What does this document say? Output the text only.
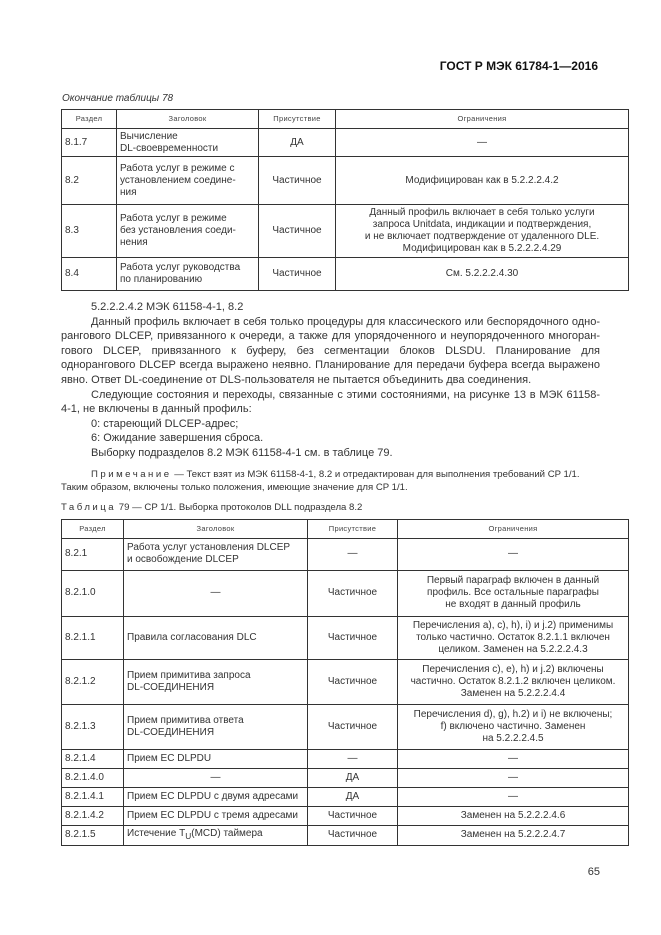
ГОСТ Р МЭК 61784-1—2016
Окончание таблицы 78
Раздел	Заголовок	Присутствие	Ограничения
8.1.7	Вычисление
DL-своевременности	ДА	—
8.2	Работа услуг в режиме с
установлением соедине-
ния	Частичное	Модифицирован как в 5.2.2.2.4.2
8.3	Работа услуг в режиме
без установления соеди-
нения	Частичное	Данный профиль включает в себя только услуги
запроса Unitdata, индикации и подтверждения,
и не включает подтверждение от удаленного DLE.
Модифицирован как в 5.2.2.2.4.29
8.4	Работа услуг руководства
по планированию	Частичное	См. 5.2.2.2.4.30

5.2.2.2.4.2 МЭК 61158-4-1, 8.2

Данный профиль включает в себя только процедуры для классического или беспорядочного одно-рангового DLCEP, привязанного к очереди, а также для упорядоченного и неупорядоченного многоран-гового DLCEP, привязанного к буферу, без сегментации блоков DLSDU. Планирование для однорангового DLCEP всегда выражено неявно. Планирование для передачи буфера всегда выражено явно. Ответ DL-соединение от DLS-пользователя не пытается объединить два соединения.

Следующие состояния и переходы, связанные с этими состояниями, на рисунке 13 в МЭК 61158-4-1, не включены в данный профиль:

0: стареющий DLCEP-адрес;

6: Ожидание завершения сброса.

Выборку подразделов 8.2 МЭК 61158-4-1 см. в таблице 79.

Примечание — Текст взят из МЭК 61158-4-1, 8.2 и отредактирован для выполнения требований CP 1/1. Таким образом, включены только положения, имеющие значение для CP 1/1.
Таблица 79 — CP 1/1. Выборка протоколов DLL подраздела 8.2
Раздел	Заголовок	Присутствие	Ограничения
8.2.1	Работа услуг установления DLCEP
и освобождение DLCEP	—	—
8.2.1.0	—	Частичное	Первый параграф включен в данный
профиль. Все остальные параграфы
не входят в данный профиль
8.2.1.1	Правила согласования DLC	Частичное	Перечисления a), c), h), i) и j.2) применимы
только частично. Остаток 8.2.1.1 включен
целиком. Заменен на 5.2.2.2.4.3
8.2.1.2	Прием примитива запроса
DL-СОЕДИНЕНИЯ	Частичное	Перечисления c), e), h) и j.2) включены
частично. Остаток 8.2.1.2 включен целиком.
Заменен на 5.2.2.2.4.4
8.2.1.3	Прием примитива ответа
DL-СОЕДИНЕНИЯ	Частичное	Перечисления d), g), h.2) и i) не включены;
f) включено частично. Заменен
на 5.2.2.2.4.5
8.2.1.4	Прием EC DLPDU	—	—
8.2.1.4.0	—	ДА	—
8.2.1.4.1	Прием EC DLPDU с двумя адресами	ДА	—
8.2.1.4.2	Прием EC DLPDU с тремя адресами	Частичное	Заменен на 5.2.2.2.4.6
8.2.1.5	Истечение $T_U(MCD)$ таймера	Частичное	Заменен на 5.2.2.2.4.7
65
